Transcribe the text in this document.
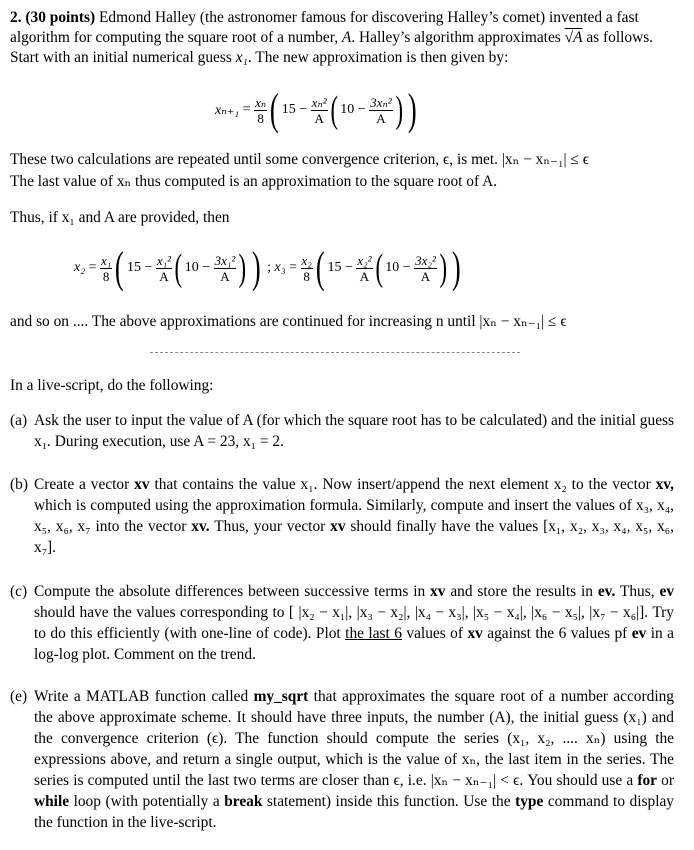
2. (30 points) Edmond Halley (the astronomer famous for discovering Halley’s comet) invented a fast algorithm for computing the square root of a number, A. Halley’s algorithm approximates √A as follows. Start with an initial numerical guess x₁. The new approximation is then given by:
$x_{n+1} = \frac{\text{xₙ}}{8}$ ( $15 - \frac{\text{xₙ²}}{A}$ ( $10 - \frac{\text{3xₙ²}}{A}$ ) )
These two calculations are repeated until some convergence criterion, ϵ, is met. |xₙ − xₙ₋₁| ≤ ϵ
The last value of xₙ thus computed is an approximation to the square root of A.
Thus, if x₁ and A are provided, then
$x_2 = \frac{\text{x₁}}{8}$ ( $15 - \frac{\text{x₁²}}{A}$ ( $10 - \frac{\text{3x₁²}}{A}$ ) )
;
$x_3 = \frac{\text{x₂}}{8}$ ( $15 - \frac{\text{x₂²}}{A}$ ( $10 - \frac{\text{3x₂²}}{A}$ ) )
and so on .... The above approximations are continued for increasing n until |xₙ − xₙ₋₁| ≤ ϵ
In a live-script, do the following:
(a) Ask the user to input the value of A (for which the square root has to be calculated) and the initial guess x₁. During execution, use A = 23, x₁ = 2.
(b) Create a vector xv that contains the value x₁. Now insert/append the next element x₂ to the vector xv, which is computed using the approximation formula. Similarly, compute and insert the values of x₃, x₄, x₅, x₆, x₇ into the vector xv. Thus, your vector xv should finally have the values [x₁, x₂, x₃, x₄, x₅, x₆, x₇].
(c) Compute the absolute differences between successive terms in xv and store the results in ev. Thus, ev should have the values corresponding to [ |x₂ − x₁|, |x₃ − x₂|, |x₄ − x₃|, |x₅ − x₄|, |x₆ − x₅|, |x₇ − x₆|]. Try to do this efficiently (with one-line of code). Plot the last 6 values of xv against the 6 values pf ev in a log-log plot. Comment on the trend.
(e) Write a MATLAB function called my_sqrt that approximates the square root of a number according the above approximate scheme. It should have three inputs, the number (A), the initial guess (x₁) and the convergence criterion (ϵ). The function should compute the series (x₁, x₂, .... xₙ) using the expressions above, and return a single output, which is the value of xₙ, the last item in the series. The series is computed until the last two terms are closer than ϵ, i.e. |xₙ − xₙ₋₁| < ϵ. You should use a for or while loop (with potentially a break statement) inside this function. Use the type command to display the function in the live-script.
